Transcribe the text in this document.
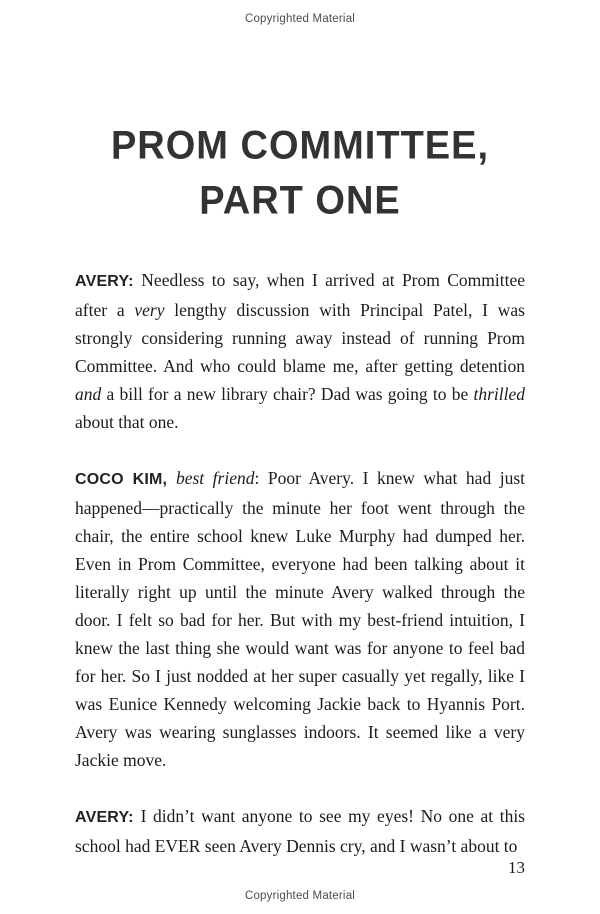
Copyrighted Material
PROM COMMITTEE,
PART ONE

AVERY: Needless to say, when I arrived at Prom Committee after a very lengthy discussion with Principal Patel, I was strongly considering running away instead of running Prom Committee. And who could blame me, after getting detention and a bill for a new library chair? Dad was going to be thrilled about that one.

COCO KIM, best friend: Poor Avery. I knew what had just happened—practically the minute her foot went through the chair, the entire school knew Luke Murphy had dumped her. Even in Prom Committee, everyone had been talking about it literally right up until the minute Avery walked through the door. I felt so bad for her. But with my best-friend intuition, I knew the last thing she would want was for anyone to feel bad for her. So I just nodded at her super casually yet regally, like I was Eunice Kennedy welcoming Jackie back to Hyannis Port. Avery was wearing sunglasses indoors. It seemed like a very Jackie move.

AVERY: I didn’t want anyone to see my eyes! No one at this school had EVER seen Avery Dennis cry, and I wasn’t about to

13
Copyrighted Material
